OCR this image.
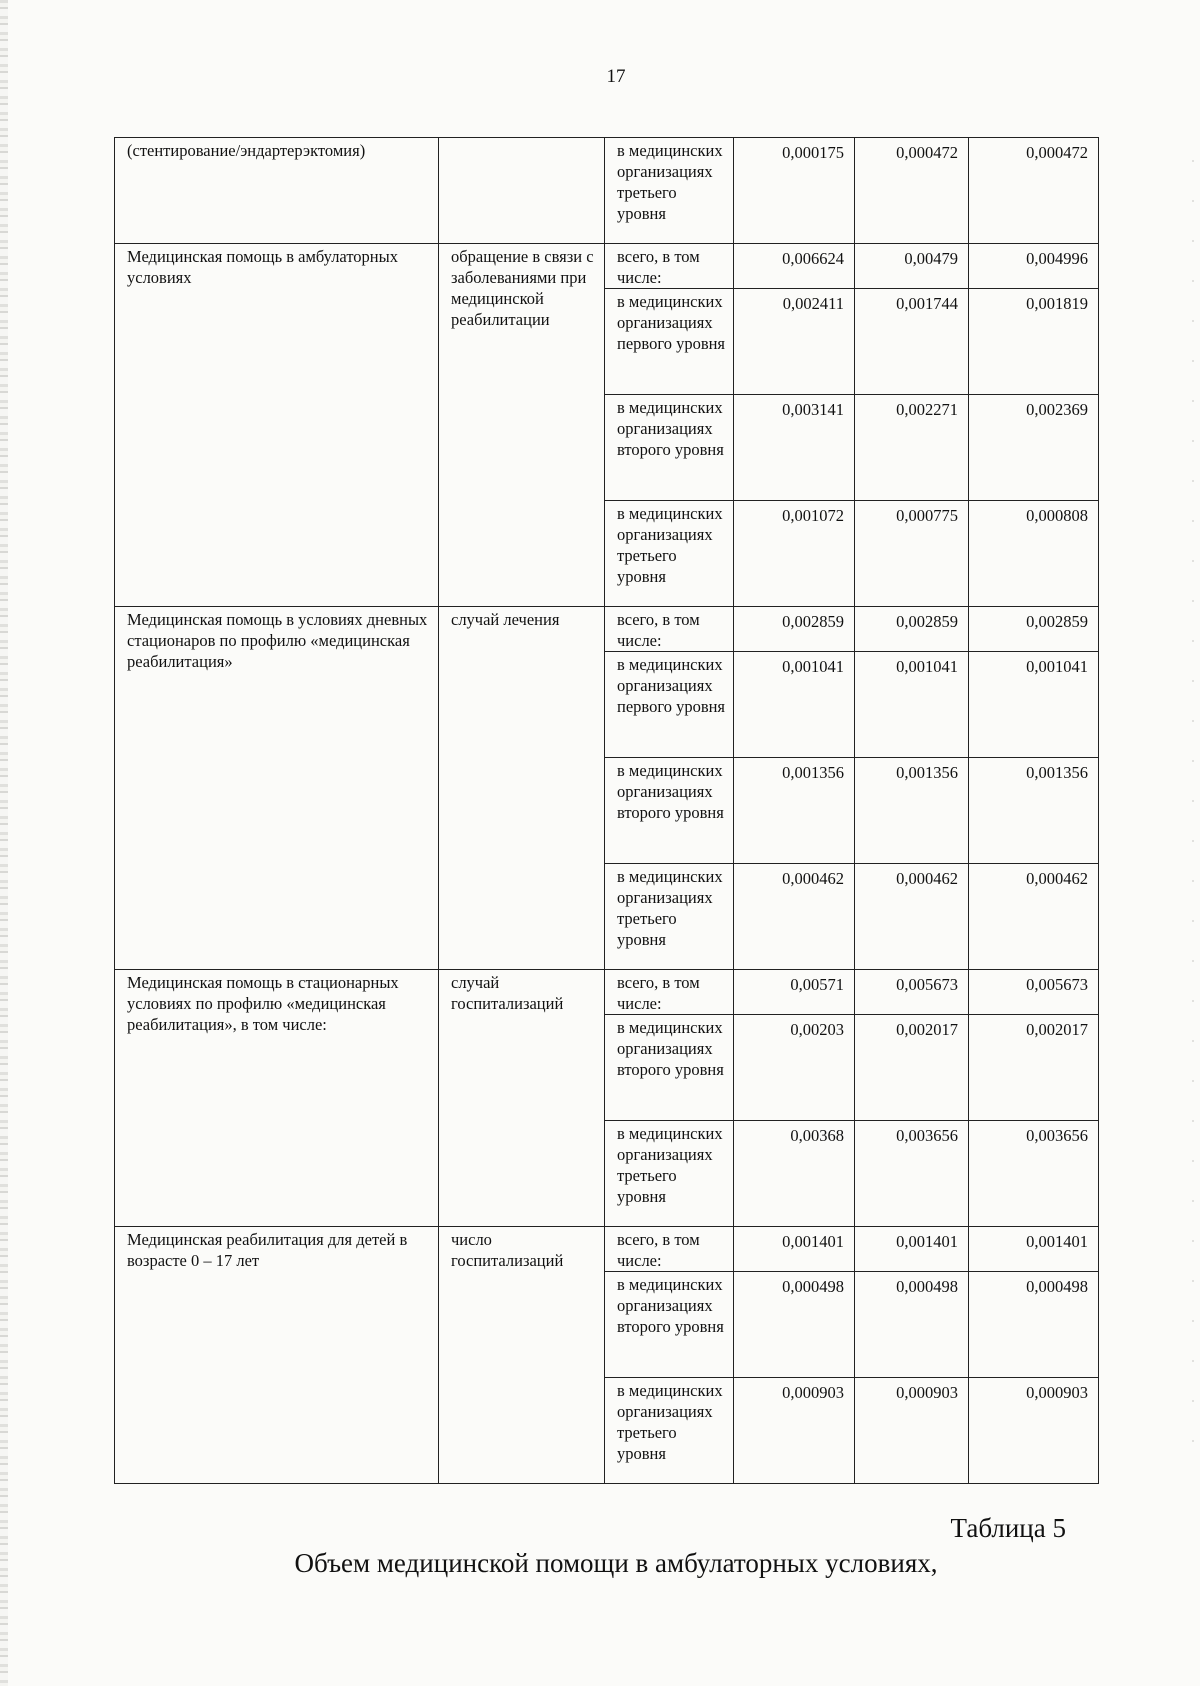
17
(стентирование/эндартерэктомия)		в медицинских организациях третьего уровня	0,000175	0,000472	0,000472
Медицинская помощь в амбулаторных условиях	обращение в связи с заболеваниями при медицинской реабилитации	всего, в том числе:	0,006624	0,00479	0,004996
		в медицинских организациях первого уровня	0,002411	0,001744	0,001819
		в медицинских организациях второго уровня	0,003141	0,002271	0,002369
		в медицинских организациях третьего уровня	0,001072	0,000775	0,000808
Медицинская помощь в условиях дневных стационаров по профилю «медицинская реабилитация»	случай лечения	всего, в том числе:	0,002859	0,002859	0,002859
		в медицинских организациях первого уровня	0,001041	0,001041	0,001041
		в медицинских организациях второго уровня	0,001356	0,001356	0,001356
		в медицинских организациях третьего уровня	0,000462	0,000462	0,000462
Медицинская помощь в стационарных условиях по профилю «медицинская реабилитация», в том числе:	случай госпитализаций	всего, в том числе:	0,00571	0,005673	0,005673
		в медицинских организациях второго уровня	0,00203	0,002017	0,002017
		в медицинских организациях третьего уровня	0,00368	0,003656	0,003656
Медицинская реабилитация для детей в возрасте 0 – 17 лет	число госпитализаций	всего, в том числе:	0,001401	0,001401	0,001401
		в медицинских организациях второго уровня	0,000498	0,000498	0,000498
		в медицинских организациях третьего уровня	0,000903	0,000903	0,000903
Таблица 5
Объем медицинской помощи в амбулаторных условиях,
